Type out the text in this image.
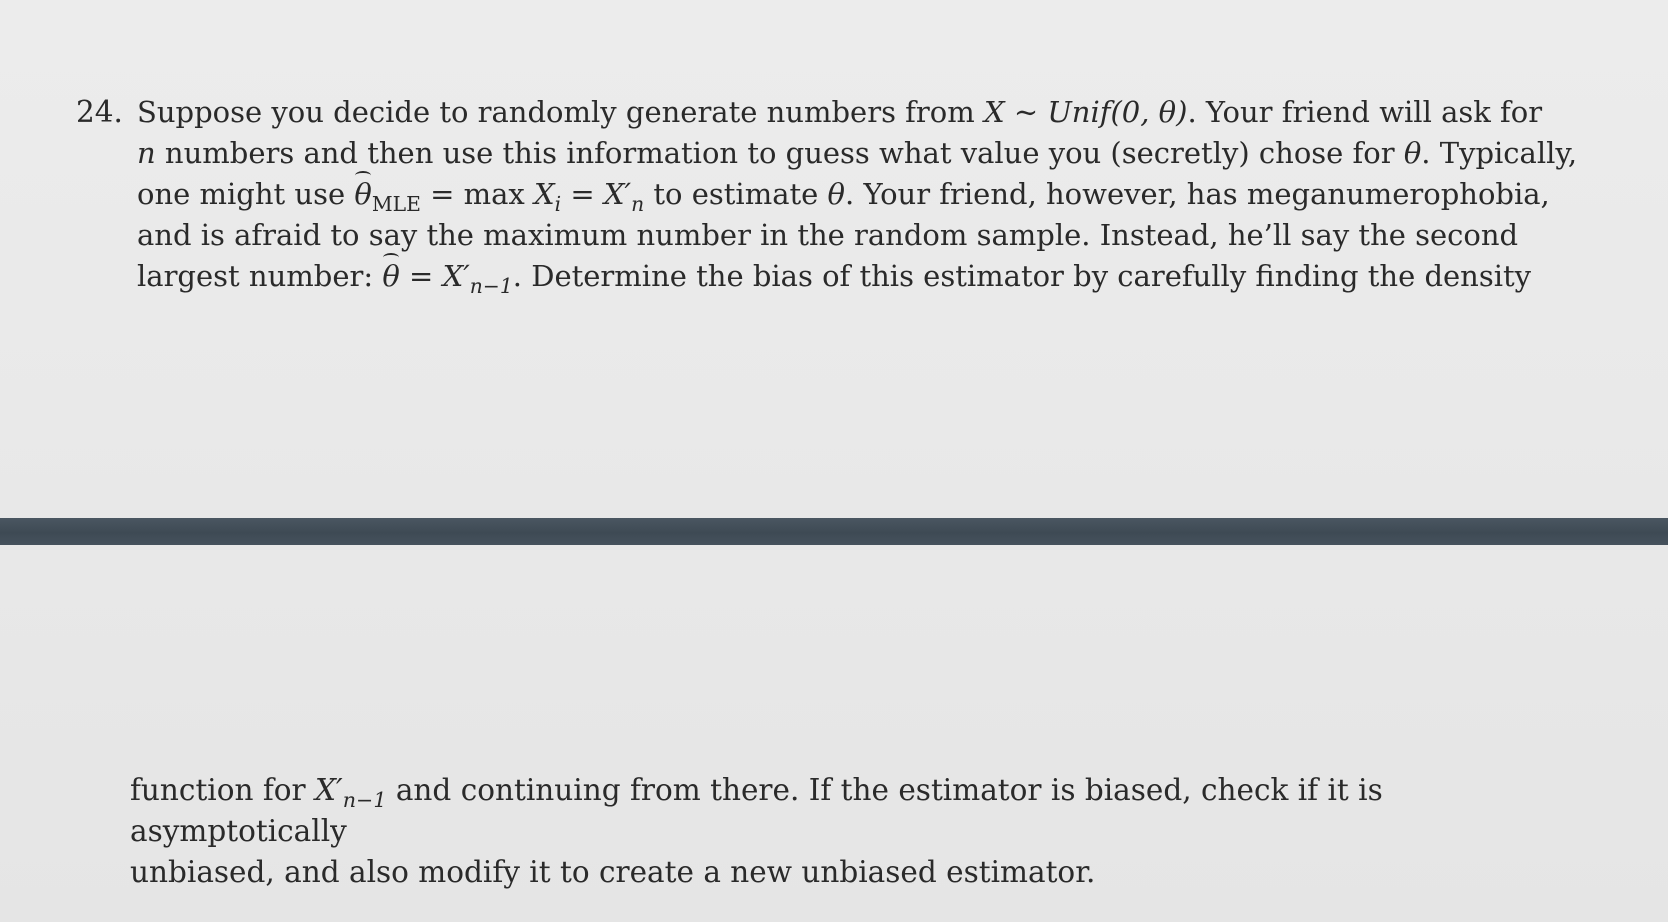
24. Suppose you decide to randomly generate numbers from X ∼ Unif(0, θ). Your friend will ask for
n numbers and then use this information to guess what value you (secretly) chose for θ. Typically,
one might use $\theta_{MLE} = \max X_i = X'_n$ to estimate θ. Your friend, however, has meganumerophobia,
and is afraid to say the maximum number in the random sample. Instead, he’ll say the second
largest number: $\theta = X'_{n-1}$. Determine the bias of this estimator by carefully finding the density
function for $X'_{n-1}$ and continuing from there. If the estimator is biased, check if it is asymptotically
unbiased, and also modify it to create a new unbiased estimator.
